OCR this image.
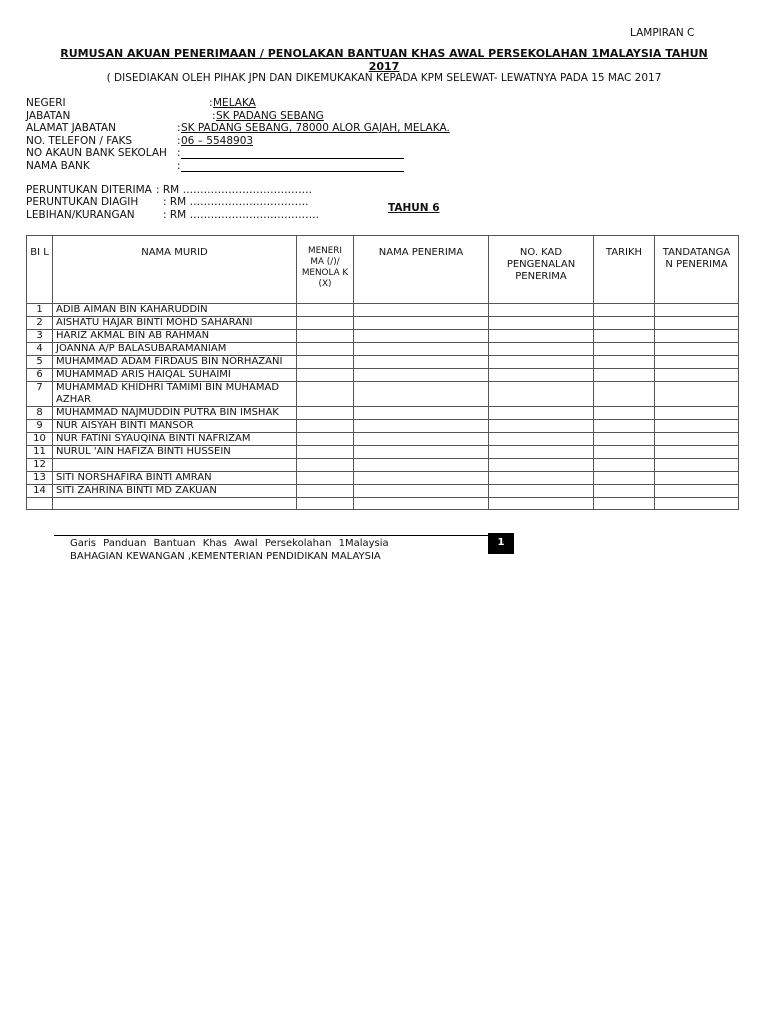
LAMPIRAN C
RUMUSAN AKUAN PENERIMAAN / PENOLAKAN BANTUAN KHAS AWAL PERSEKOLAHAN 1MALAYSIA TAHUN
2017
( DISEDIAKAN OLEH PIHAK JPN DAN DIKEMUKAKAN KEPADA KPM SELEWAT- LEWATNYA PADA 15 MAC 2017
NEGERI	: MELAKA
JABATAN	: SK PADANG SEBANG
ALAMAT JABATAN	: SK PADANG SEBANG, 78000 ALOR GAJAH, MELAKA.
NO. TELEFON / FAKS	: 06 – 5548903
NO AKAUN BANK SEKOLAH :
NAMA BANK	:
PERUNTUKAN DITERIMA : RM ……………………………….
PERUNTUKAN DIAGIH : RM …………………………….
LEBIHAN/KURANGAN	: RM ……………………………….
TAHUN 6
BI L	NAMA MURID	MENERI MA (/)/ MENOLA K (X)	NAMA PENERIMA	NO. KAD PENGENALAN PENERIMA	TARIKH	TANDATANGA N PENERIMA
1	ADIB AIMAN BIN KAHARUDDIN					
2	AISHATU HAJAR BINTI MOHD SAHARANI					
3	HARIZ AKMAL BIN AB RAHMAN					
4	JOANNA A/P BALASUBARAMANIAM					
5	MUHAMMAD ADAM FIRDAUS BIN NORHAZANI					
6	MUHAMMAD ARIS HAIQAL SUHAIMI					
7	MUHAMMAD KHIDHRI TAMIMI BIN MUHAMAD AZHAR					
8	MUHAMMAD NAJMUDDIN PUTRA BIN IMSHAK					
9	NUR AISYAH BINTI MANSOR					
10	NUR FATINI SYAUQINA BINTI NAFRIZAM					
11	NURUL 'AIN HAFIZA BINTI HUSSEIN					
12						
13	SITI NORSHAFIRA BINTI AMRAN					
14	SITI ZAHRINA BINTI MD ZAKUAN					

Garis Panduan Bantuan Khas Awal Persekolahan 1Malaysia
BAHAGIAN KEWANGAN ,KEMENTERIAN PENDIDIKAN MALAYSIA
1
